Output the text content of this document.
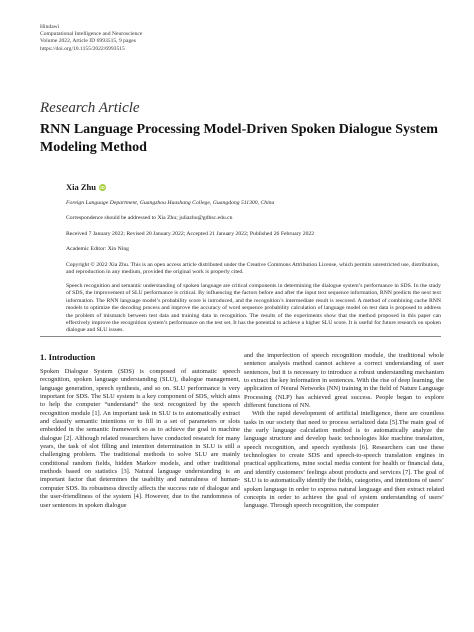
Hindawi
Computational Intelligence and Neuroscience
Volume 2022, Article ID 6993515, 9 pages
https://doi.org/10.1155/2022/6993515
Research Article
RNN Language Processing Model-Driven Spoken Dialogue System Modeling Method
Xia Zhu iD
Foreign Language Department, Guangzhou Huashang College, Guangdong 511300, China
Correspondence should be addressed to Xia Zhu; juliazhu@gdhsc.edu.cn
Received 7 January 2022; Revised 20 January 2022; Accepted 21 January 2022; Published 26 February 2022
Academic Editor: Xin Ning
Copyright © 2022 Xia Zhu. This is an open access article distributed under the Creative Commons Attribution License, which permits unrestricted use, distribution, and reproduction in any medium, provided the original work is properly cited.
Speech recognition and semantic understanding of spoken language are critical components in determining the dialogue system’s performance in SDS. In the study of SDS, the improvement of SLU performance is critical. By influencing the factors before and after the input text sequence information, RNN predicts the next text information. The RNN language model’s probability score is introduced, and the recognition’s intermediate result is rescored. A method of combining cache RNN models to optimize the decoding process and improve the accuracy of word sequence probability calculation of language model on test data is proposed to address the problem of mismatch between test data and training data in recognition. The results of the experiments show that the method proposed in this paper can effectively improve the recognition system’s performance on the test set. It has the potential to achieve a higher SLU score. It is useful for future research on spoken dialogue and SLU issues.
1. Introduction

Spoken Dialogue System (SDS) is composed of automatic speech recognition, spoken language understanding (SLU), dialogue management, language generation, speech synthesis, and so on. SLU performance is very important for SDS. The SLU system is a key component of SDS, which aims to help the computer “understand” the text recognized by the speech recognition module [1]. An important task in SLU is to automatically extract and classify semantic intentions or to fill in a set of parameters or slots embedded in the semantic framework so as to achieve the goal in machine dialogue [2]. Although related researchers have conducted research for many years, the task of slot filling and intention determination in SLU is still a challenging problem. The traditional methods to solve SLU are mainly conditional random fields, hidden Markov models, and other traditional methods based on statistics [3]. Natural language understanding is an important factor that determines the usability and naturalness of human-computer SDS. Its robustness directly affects the success rate of dialogue and the user-friendliness of the system [4]. However, due to the randomness of user sentences in spoken dialogue

and the imperfection of speech recognition module, the traditional whole sentence analysis method cannot achieve a correct understanding of user sentences, but it is necessary to introduce a robust understanding mechanism to extract the key information in sentences. With the rise of deep learning, the application of Neural Networks (NN) training in the field of Nature Language Processing (NLP) has achieved great success. People began to explore different functions of NN.

With the rapid development of artificial intelligence, there are countless tasks in our society that need to process serialized data [5].The main goal of the early language calculation method is to automatically analyze the language structure and develop basic technologies like machine translation, speech recognition, and speech synthesis [6]. Researchers can use these technologies to create SDS and speech-to-speech translation engines in practical applications, mine social media content for health or financial data, and identify customers’ feelings about products and services [7]. The goal of SLU is to automatically identify the fields, categories, and intentions of users’ spoken language in order to express natural language and then extract related concepts in order to achieve the goal of system understanding of users’ language. Through speech recognition, the computer
